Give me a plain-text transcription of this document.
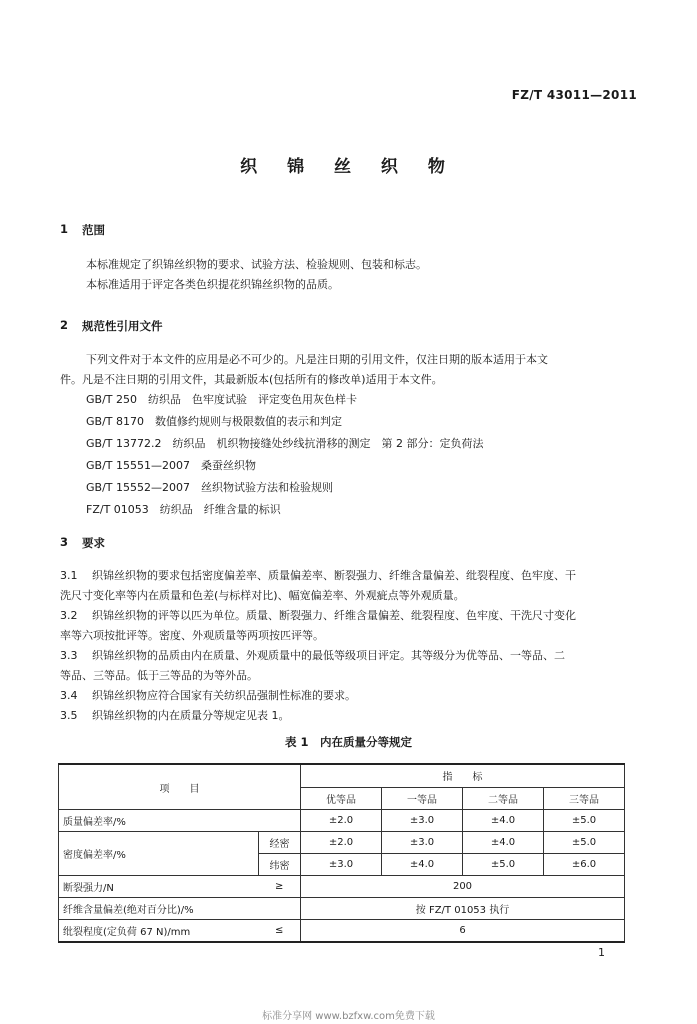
FZ/T 43011—2011
织 锦 丝 织 物
1 范围
本标准规定了织锦丝织物的要求、试验方法、检验规则、包装和标志。
本标准适用于评定各类色织提花织锦丝织物的品质。
2 规范性引用文件
下列文件对于本文件的应用是必不可少的。凡是注日期的引用文件，仅注日期的版本适用于本文
件。凡是不注日期的引用文件，其最新版本(包括所有的修改单)适用于本文件。
GB/T 250　纺织品　色牢度试验　评定变色用灰色样卡
GB/T 8170　数值修约规则与极限数值的表示和判定
GB/T 13772.2　纺织品　机织物接缝处纱线抗滑移的测定　第 2 部分：定负荷法
GB/T 15551—2007　桑蚕丝织物
GB/T 15552—2007　丝织物试验方法和检验规则
FZ/T 01053　纺织品　纤维含量的标识
3 要求
3.1 织锦丝织物的要求包括密度偏差率、质量偏差率、断裂强力、纤维含量偏差、纰裂程度、色牢度、干
洗尺寸变化率等内在质量和色差(与标样对比)、幅宽偏差率、外观疵点等外观质量。
3.2 织锦丝织物的评等以匹为单位。质量、断裂强力、纤维含量偏差、纰裂程度、色牢度、干洗尺寸变化
率等六项按批评等。密度、外观质量等两项按匹评等。
3.3 织锦丝织物的品质由内在质量、外观质量中的最低等级项目评定。其等级分为优等品、一等品、二
等品、三等品。低于三等品的为等外品。
3.4 织锦丝织物应符合国家有关纺织品强制性标准的要求。
3.5 织锦丝织物的内在质量分等规定见表 1。
表 1　内在质量分等规定
项　　目		指　　标			
		优等品	一等品	二等品	三等品
质量偏差率/%		±2.0	±3.0	±4.0	±5.0
密度偏差率/%	经密	±2.0	±3.0	±4.0	±5.0
	纬密	±3.0	±4.0	±5.0	±6.0
断裂强力/N	≥	200			
纤维含量偏差(绝对百分比)/%		按 FZ/T 01053 执行			
纰裂程度(定负荷 67 N)/mm	≤	6			
1
标准分享网 www.bzfxw.com免费下载
